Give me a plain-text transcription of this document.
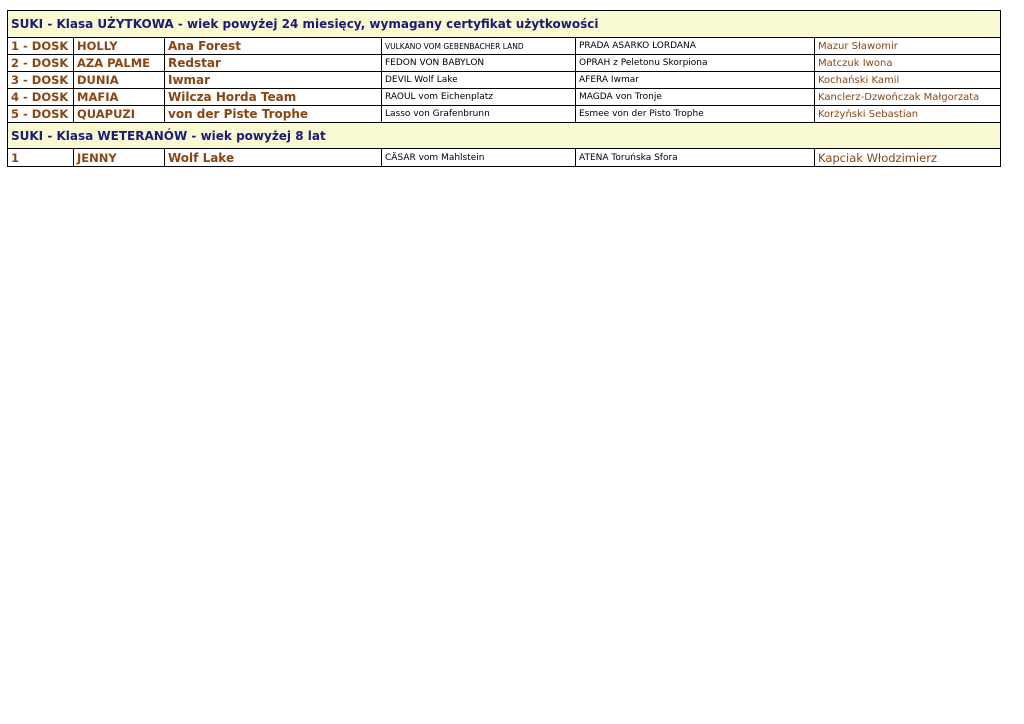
SUKI - Klasa UŻYTKOWA - wiek powyżej 24 miesięcy, wymagany certyfikat użytkowości					
1 - DOSK	HOLLY	Ana Forest	VULKANO VOM GEBENBACHER LAND	PRADA ASARKO LORDANA	Mazur Sławomir
2 - DOSK	AZA PALME	Redstar	FEDON VON BABYLON	OPRAH z Peletonu Skorpiona	Matczuk Iwona
3 - DOSK	DUNIA	Iwmar	DEVIL Wolf Lake	AFERA Iwmar	Kochański Kamil
4 - DOSK	MAFIA	Wilcza Horda Team	RAOUL vom Eichenplatz	MAGDA von Tronje	Kanclerz-Dzwończak Małgorzata
5 - DOSK	QUAPUZI	von der Piste Trophe	Lasso von Grafenbrunn	Esmee von der Pisto Trophe	Korżyński Sebastian
SUKI - Klasa WETERANÓW - wiek powyżej 8 lat					
1	JENNY	Wolf Lake	CÄSAR vom Mahlstein	ATENA Toruńska Sfora	Kapciak Włodzimierz
